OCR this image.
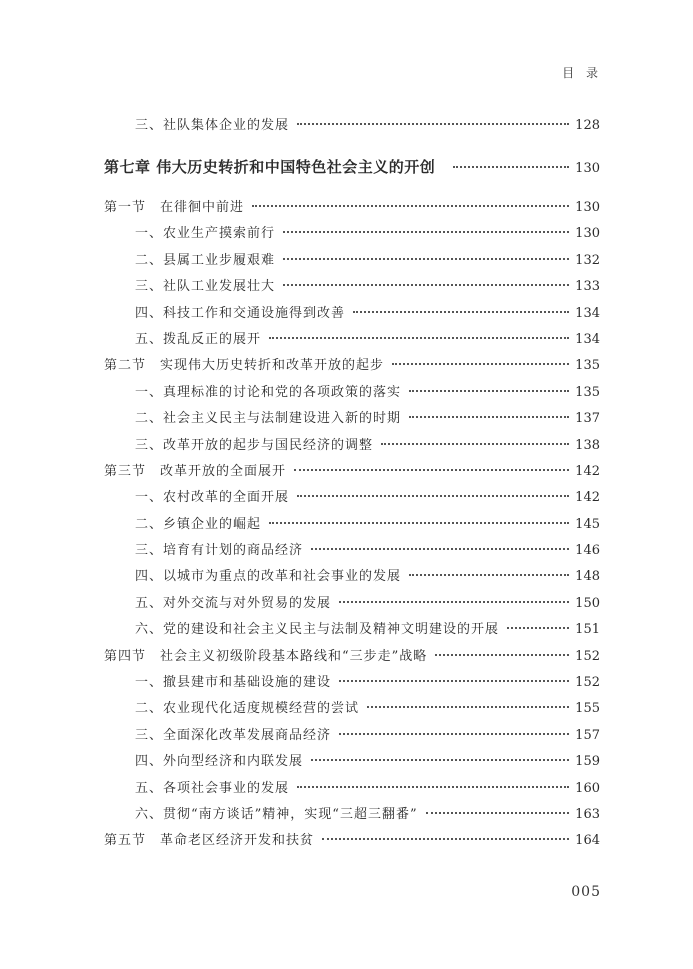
目 录
三、社队集体企业的发展	128
第七章 伟大历史转折和中国特色社会主义的开创	130
第一节 在徘徊中前进	130
一、农业生产摸索前行	130
二、县属工业步履艰难	132
三、社队工业发展壮大	133
四、科技工作和交通设施得到改善	134
五、拨乱反正的展开	134
第二节 实现伟大历史转折和改革开放的起步	135
一、真理标准的讨论和党的各项政策的落实	135
二、社会主义民主与法制建设进入新的时期	137
三、改革开放的起步与国民经济的调整	138
第三节 改革开放的全面展开	142
一、农村改革的全面开展	142
二、乡镇企业的崛起	145
三、培育有计划的商品经济	146
四、以城市为重点的改革和社会事业的发展	148
五、对外交流与对外贸易的发展	150
六、党的建设和社会主义民主与法制及精神文明建设的开展	151
第四节 社会主义初级阶段基本路线和“三步走”战略	152
一、撤县建市和基础设施的建设	152
二、农业现代化适度规模经营的尝试	155
三、全面深化改革发展商品经济	157
四、外向型经济和内联发展	159
五、各项社会事业的发展	160
六、贯彻“南方谈话”精神，实现“三超三翻番”	163
第五节 革命老区经济开发和扶贫	164
005
